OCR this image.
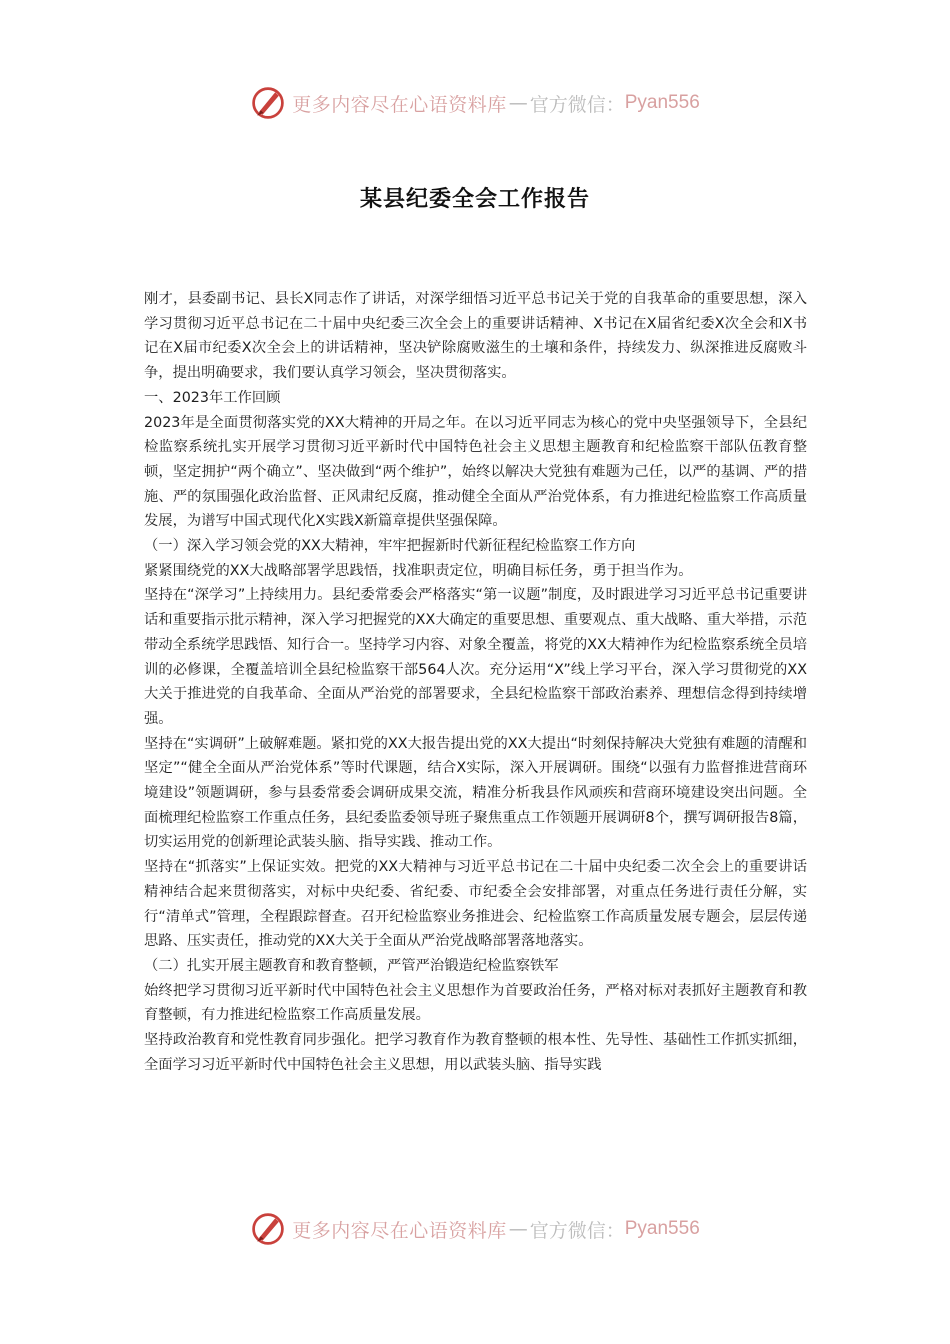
更多内容尽在心语资料库 — 官方微信： Pyan556
某县纪委全会工作报告

刚才，县委副书记、县长X同志作了讲话，对深学细悟习近平总书记关于党的自我革命的重要思想，深入学习贯彻习近平总书记在二十届中央纪委三次全会上的重要讲话精神、X书记在X届省纪委X次全会和X书记在X届市纪委X次全会上的讲话精神，坚决铲除腐败滋生的土壤和条件，持续发力、纵深推进反腐败斗争，提出明确要求，我们要认真学习领会，坚决贯彻落实。

一、2023年工作回顾

2023年是全面贯彻落实党的XX大精神的开局之年。在以习近平同志为核心的党中央坚强领导下，全县纪检监察系统扎实开展学习贯彻习近平新时代中国特色社会主义思想主题教育和纪检监察干部队伍教育整顿，坚定拥护“两个确立”、坚决做到“两个维护”，始终以解决大党独有难题为己任，以严的基调、严的措施、严的氛围强化政治监督、正风肃纪反腐，推动健全全面从严治党体系，有力推进纪检监察工作高质量发展，为谱写中国式现代化X实践X新篇章提供坚强保障。

（一）深入学习领会党的XX大精神，牢牢把握新时代新征程纪检监察工作方向

紧紧围绕党的XX大战略部署学思践悟，找准职责定位，明确目标任务，勇于担当作为。

坚持在“深学习”上持续用力。县纪委常委会严格落实“第一议题”制度，及时跟进学习习近平总书记重要讲话和重要指示批示精神，深入学习把握党的XX大确定的重要思想、重要观点、重大战略、重大举措，示范带动全系统学思践悟、知行合一。坚持学习内容、对象全覆盖，将党的XX大精神作为纪检监察系统全员培训的必修课，全覆盖培训全县纪检监察干部564人次。充分运用“X”线上学习平台，深入学习贯彻党的XX大关于推进党的自我革命、全面从严治党的部署要求，全县纪检监察干部政治素养、理想信念得到持续增强。

坚持在“实调研”上破解难题。紧扣党的XX大报告提出党的XX大提出“时刻保持解决大党独有难题的清醒和坚定”“健全全面从严治党体系”等时代课题，结合X实际，深入开展调研。围绕“以强有力监督推进营商环境建设”领题调研，参与县委常委会调研成果交流，精准分析我县作风顽疾和营商环境建设突出问题。全面梳理纪检监察工作重点任务，县纪委监委领导班子聚焦重点工作领题开展调研8个，撰写调研报告8篇，切实运用党的创新理论武装头脑、指导实践、推动工作。

坚持在“抓落实”上保证实效。把党的XX大精神与习近平总书记在二十届中央纪委二次全会上的重要讲话精神结合起来贯彻落实，对标中央纪委、省纪委、市纪委全会安排部署，对重点任务进行责任分解，实行“清单式”管理，全程跟踪督查。召开纪检监察业务推进会、纪检监察工作高质量发展专题会，层层传递思路、压实责任，推动党的XX大关于全面从严治党战略部署落地落实。

（二）扎实开展主题教育和教育整顿，严管严治锻造纪检监察铁军

始终把学习贯彻习近平新时代中国特色社会主义思想作为首要政治任务，严格对标对表抓好主题教育和教育整顿，有力推进纪检监察工作高质量发展。

坚持政治教育和党性教育同步强化。把学习教育作为教育整顿的根本性、先导性、基础性工作抓实抓细，全面学习习近平新时代中国特色社会主义思想，用以武装头脑、指导实践

更多内容尽在心语资料库 — 官方微信： Pyan556
